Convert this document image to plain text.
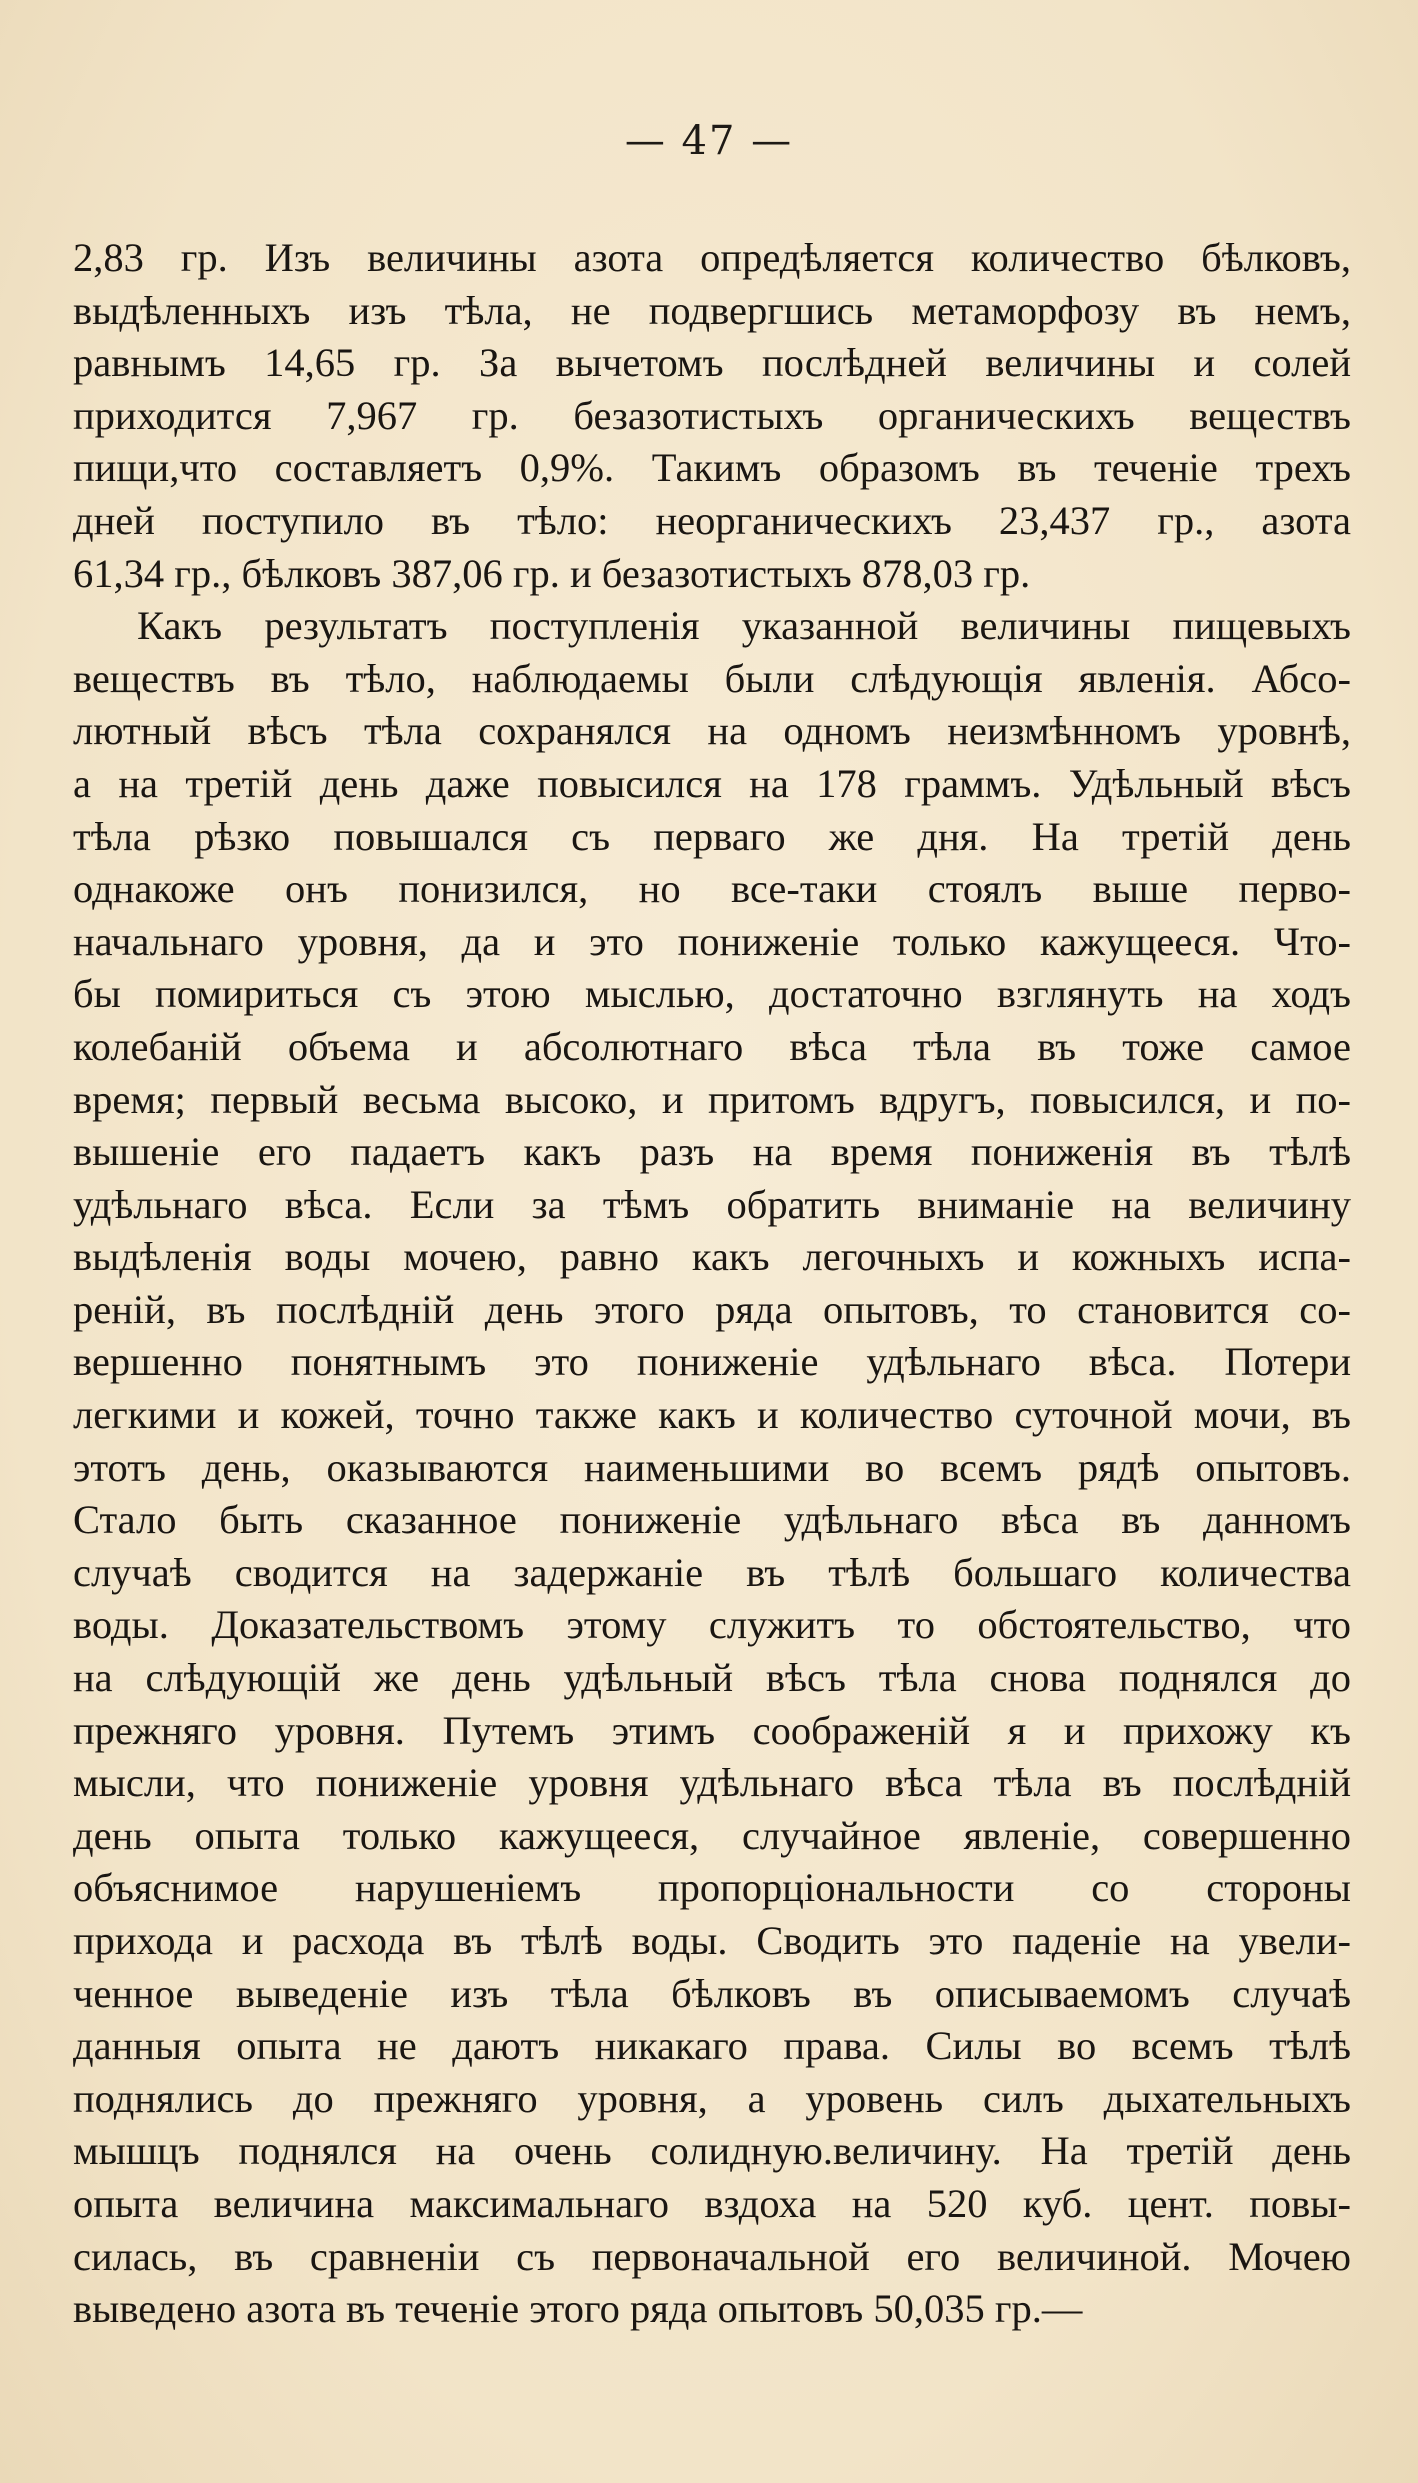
— 47 —
2,83 гр. Изъ величины азота опредѣляется количество бѣлковъ,
выдѣленныхъ изъ тѣла, не подвергшись метаморфозу въ немъ,
равнымъ 14,65 гр. За вычетомъ послѣдней величины и солей
приходится 7,967 гр. безазотистыхъ органическихъ веществъ
пищи,что составляетъ 0,9%. Такимъ образомъ въ теченіе трехъ
дней поступило въ тѣло: неорганическихъ 23,437 гр., азота
61,34 гр., бѣлковъ 387,06 гр. и безазотистыхъ 878,03 гр.
Какъ результатъ поступленія указанной величины пищевыхъ
веществъ въ тѣло, наблюдаемы были слѣдующія явленія. Абсо-
лютный вѣсъ тѣла сохранялся на одномъ неизмѣнномъ уровнѣ,
а на третій день даже повысился на 178 граммъ. Удѣльный вѣсъ
тѣла рѣзко повышался съ перваго же дня. На третій день
однакоже онъ понизился, но все-таки стоялъ выше перво-
начальнаго уровня, да и это пониженіе только кажущееся. Что-
бы помириться съ этою мыслью, достаточно взглянуть на ходъ
колебаній объема и абсолютнаго вѣса тѣла въ тоже самое
время; первый весьма высоко, и притомъ вдругъ, повысился, и по-
вышеніе его падаетъ какъ разъ на время пониженія въ тѣлѣ
удѣльнаго вѣса. Если за тѣмъ обратить вниманіе на величину
выдѣленія воды мочею, равно какъ легочныхъ и кожныхъ испа-
реній, въ послѣдній день этого ряда опытовъ, то становится со-
вершенно понятнымъ это пониженіе удѣльнаго вѣса. Потери
легкими и кожей, точно также какъ и количество суточной мочи, въ
этотъ день, оказываются наименьшими во всемъ рядѣ опытовъ.
Стало быть сказанное пониженіе удѣльнаго вѣса въ данномъ
случаѣ сводится на задержаніе въ тѣлѣ большаго количества
воды. Доказательствомъ этому служитъ то обстоятельство, что
на слѣдующій же день удѣльный вѣсъ тѣла снова поднялся до
прежняго уровня. Путемъ этимъ соображеній я и прихожу къ
мысли, что пониженіе уровня удѣльнаго вѣса тѣла въ послѣдній
день опыта только кажущееся, случайное явленіе, совершенно
объяснимое нарушеніемъ пропорціональности со стороны
прихода и расхода въ тѣлѣ воды. Сводить это паденіе на увели-
ченное выведеніе изъ тѣла бѣлковъ въ описываемомъ случаѣ
данныя опыта не даютъ никакаго права. Силы во всемъ тѣлѣ
поднялись до прежняго уровня, а уровень силъ дыхательныхъ
мышцъ поднялся на очень солидную.величину. На третій день
опыта величина максимальнаго вздоха на 520 куб. цент. повы-
силась, въ сравненіи съ первоначальной его величиной. Мочею
выведено азота въ теченіе этого ряда опытовъ 50,035 гр.—
